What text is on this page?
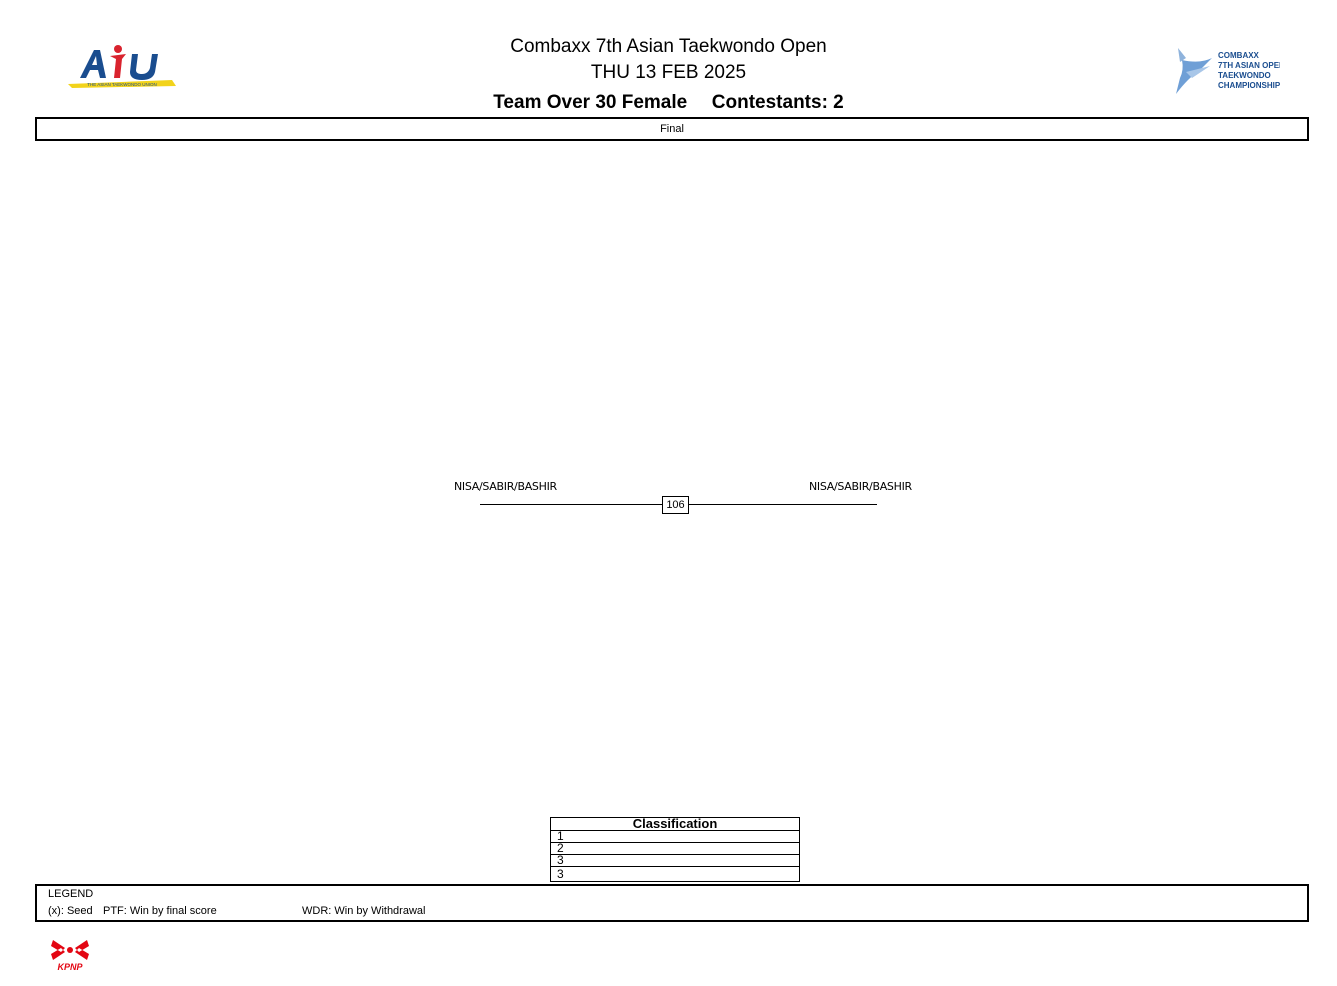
THE ASIAN TAEKWONDO UNION
Combaxx 7th Asian Taekwondo Open
THU 13 FEB 2025
Team Over 30 Female Contestants: 2
COMBAXX
7TH ASIAN OPEN
TAEKWONDO
CHAMPIONSHIPS
Final
NISA/SABIR/BASHIR	NISA/SABIR/BASHIR
106
Classification
1
2
3
3
LEGEND
(x): Seed PTF: Win by final score	WDR: Win by Withdrawal
KPNP
